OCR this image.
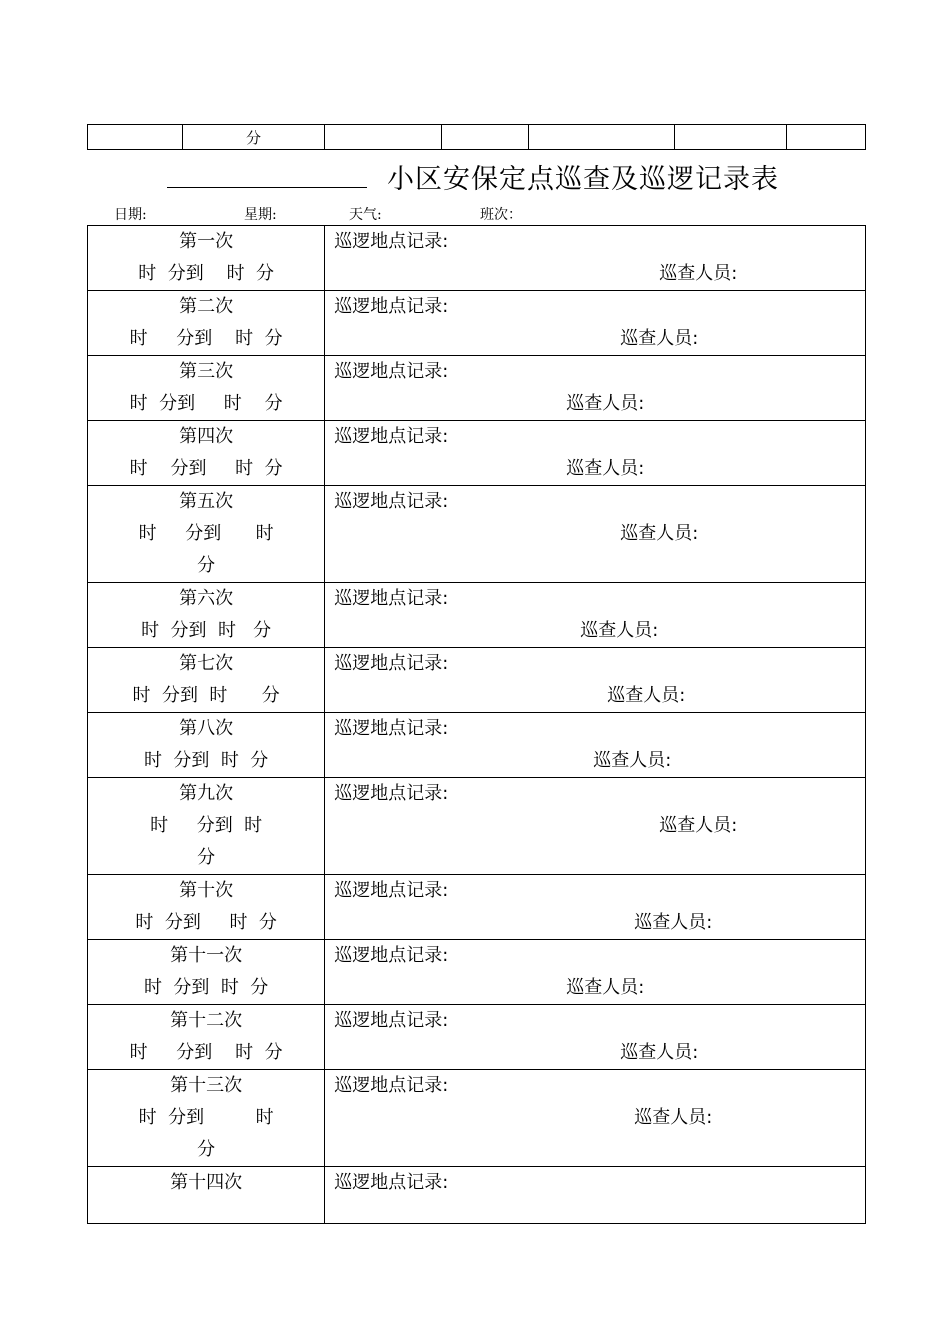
	分					
小区安保定点巡查及巡逻记录表
日期:	星期:	天气:	班次：
第一次
时  分到    时  分	巡逻地点记录:
巡查人员:

第二次
时     分到    时  分	巡逻地点记录:
巡查人员:

第三次
时  分到     时    分	巡逻地点记录:
巡查人员:

第四次
时    分到     时  分	巡逻地点记录:
巡查人员:

第五次
时     分到      时
分	巡逻地点记录:
巡查人员:

第六次
时  分到  时   分	巡逻地点记录:
巡查人员:

第七次
时  分到  时      分	巡逻地点记录:
巡查人员:

第八次
时  分到  时  分	巡逻地点记录:
巡查人员:

第九次
时     分到  时
分	巡逻地点记录:
巡查人员:

第十次
时  分到     时  分	巡逻地点记录:
巡查人员:

第十一次
时  分到  时  分	巡逻地点记录:
巡查人员:

第十二次
时     分到    时  分	巡逻地点记录:
巡查人员:

第十三次
时  分到         时
分	巡逻地点记录:
巡查人员:

第十四次	巡逻地点记录:
